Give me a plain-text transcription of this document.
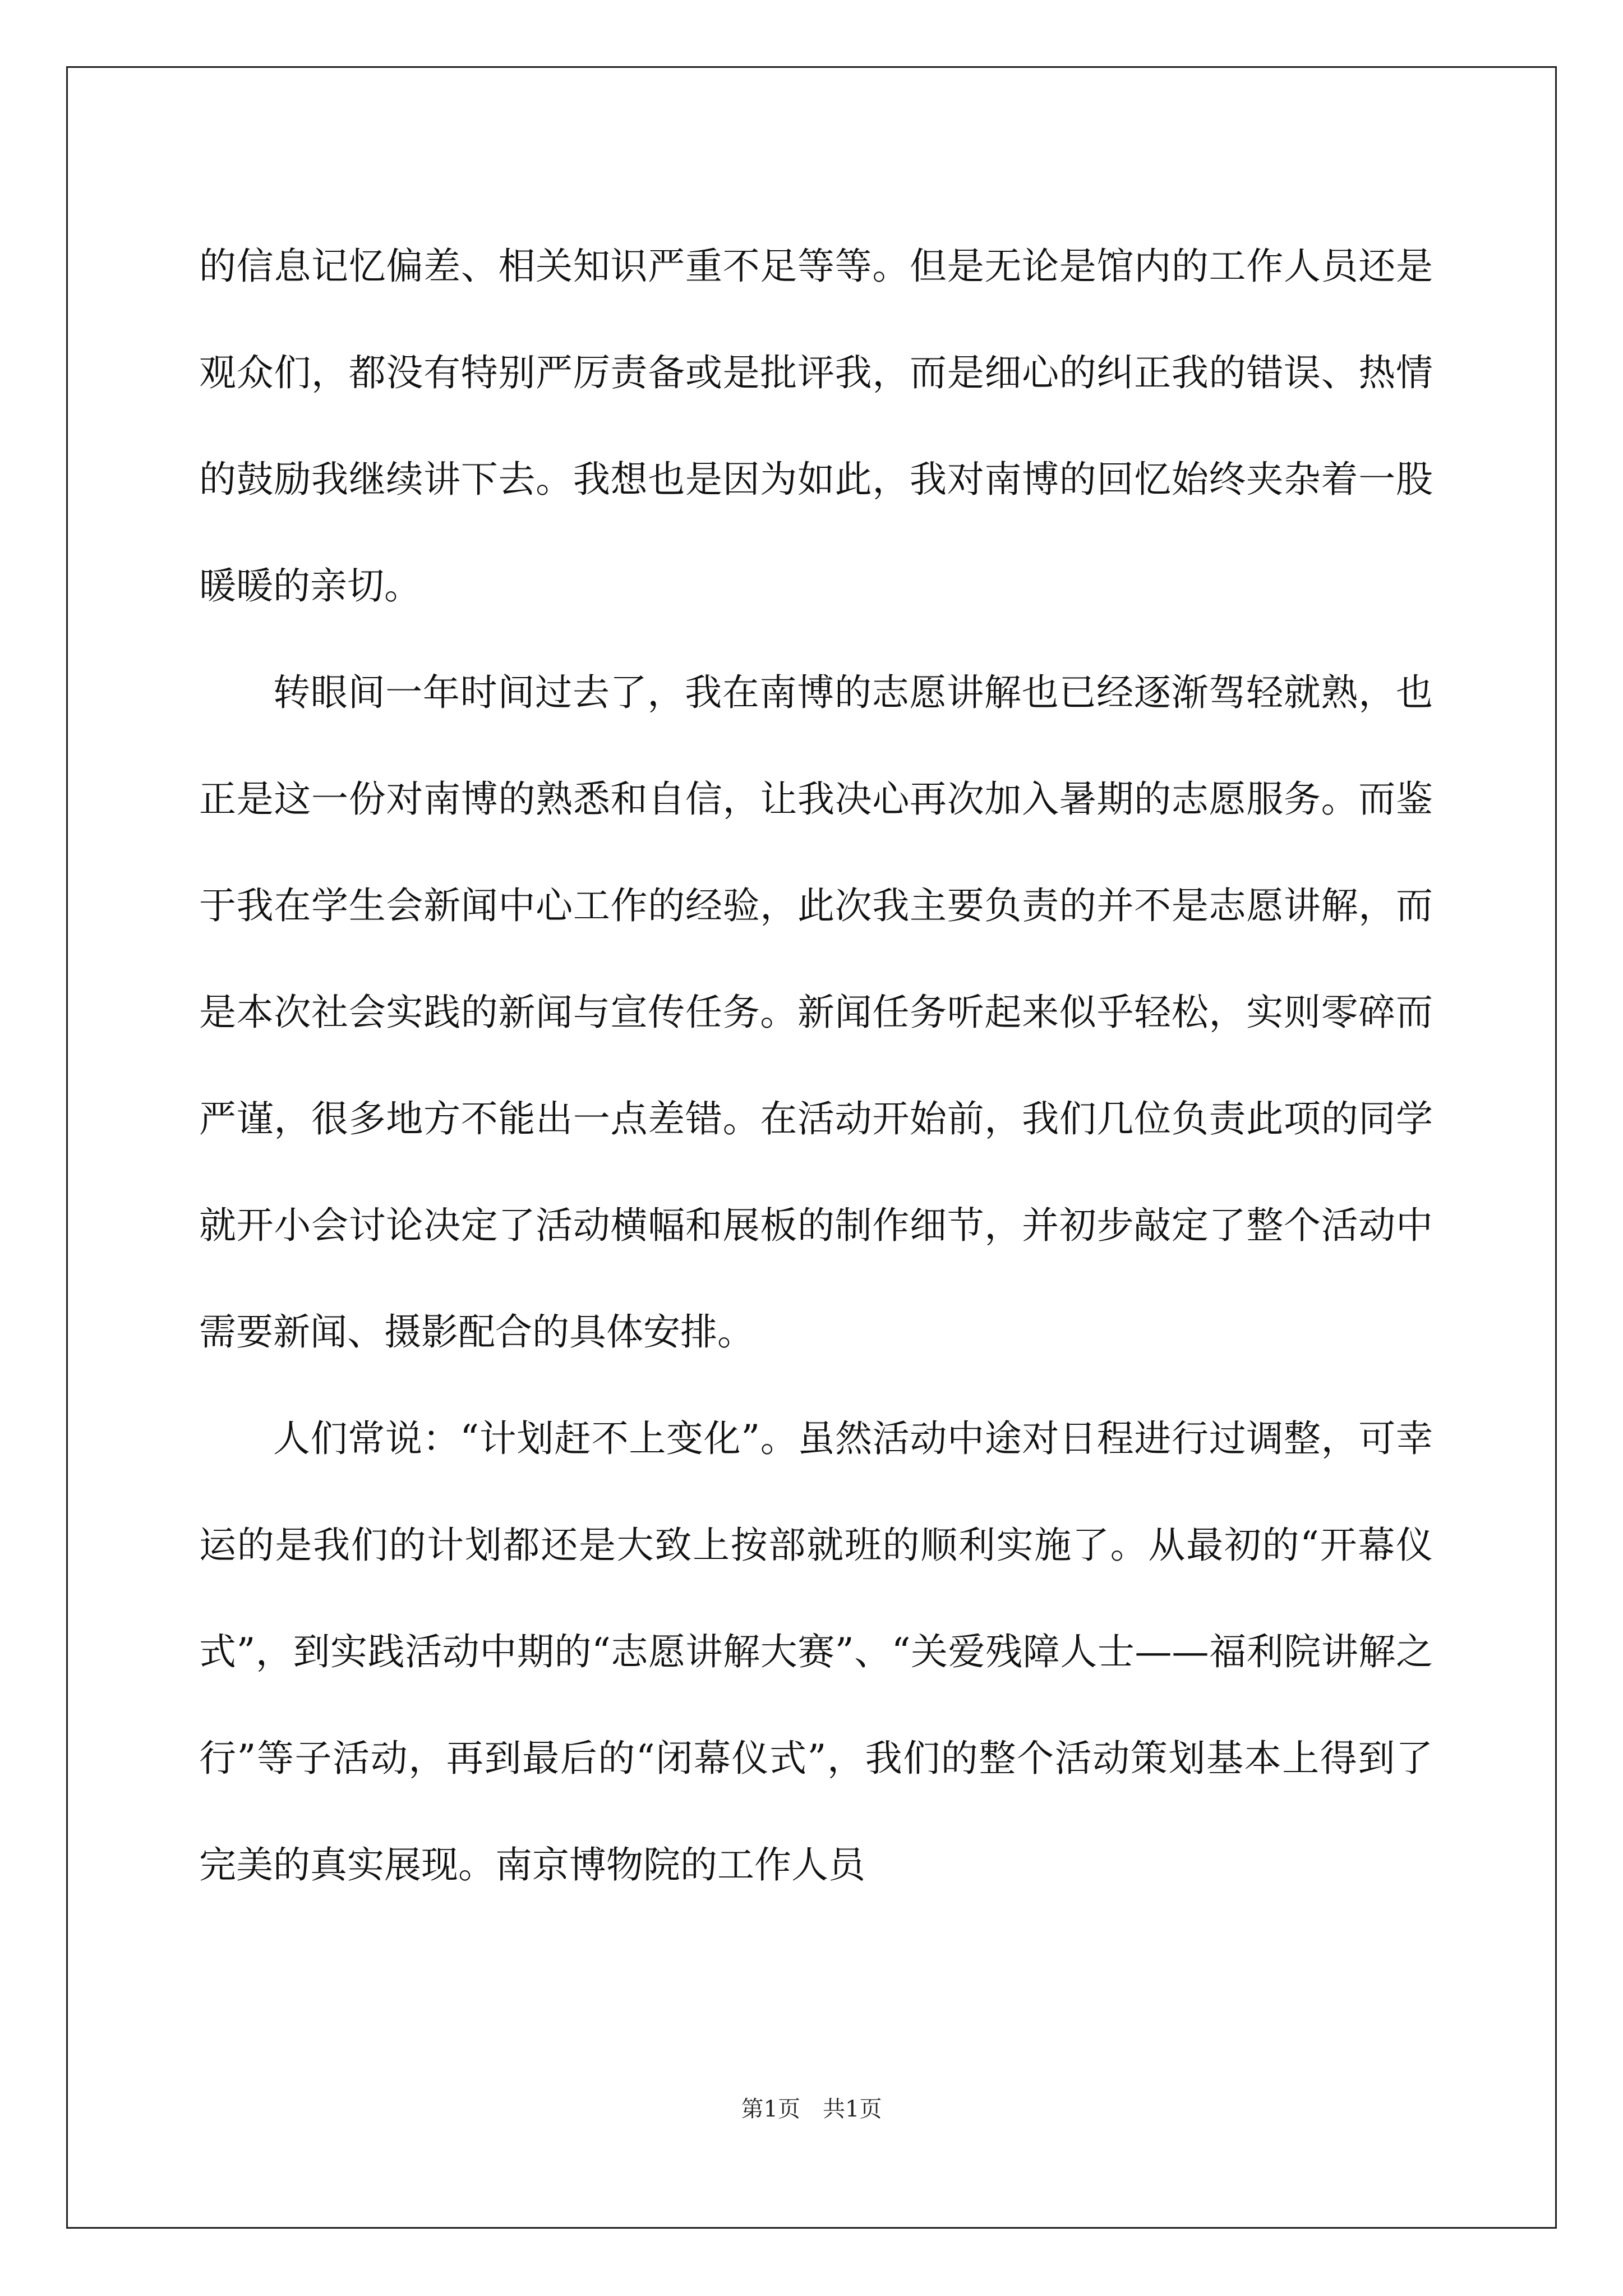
的信息记忆偏差、相关知识严重不足等等。但是无论是馆内的工作人员还是观众们，都没有特别严厉责备或是批评我，而是细心的纠正我的错误、热情的鼓励我继续讲下去。我想也是因为如此，我对南博的回忆始终夹杂着一股暖暖的亲切。

转眼间一年时间过去了，我在南博的志愿讲解也已经逐渐驾轻就熟，也正是这一份对南博的熟悉和自信，让我决心再次加入暑期的志愿服务。而鉴于我在学生会新闻中心工作的经验，此次我主要负责的并不是志愿讲解，而是本次社会实践的新闻与宣传任务。新闻任务听起来似乎轻松，实则零碎而严谨，很多地方不能出一点差错。在活动开始前，我们几位负责此项的同学就开小会讨论决定了活动横幅和展板的制作细节，并初步敲定了整个活动中需要新闻、摄影配合的具体安排。

人们常说：“计划赶不上变化”。虽然活动中途对日程进行过调整，可幸运的是我们的计划都还是大致上按部就班的顺利实施了。从最初的“开幕仪式”，到实践活动中期的“志愿讲解大赛”、“关爱残障人士——福利院讲解之行”等子活动，再到最后的“闭幕仪式”，我们的整个活动策划基本上得到了完美的真实展现。南京博物院的工作人员

第1页　共1页
